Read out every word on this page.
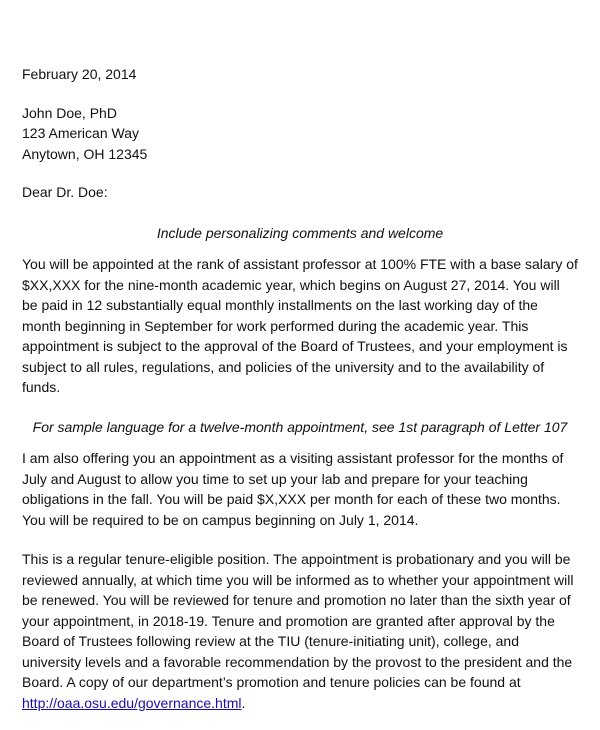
February 20, 2014

John Doe, PhD
123 American Way
Anytown, OH 12345

Dear Dr. Doe:

Include personalizing comments and welcome

You will be appointed at the rank of assistant professor at 100% FTE with a base salary of $XX,XXX for the nine-month academic year, which begins on August 27, 2014. You will be paid in 12 substantially equal monthly installments on the last working day of the month beginning in September for work performed during the academic year. This appointment is subject to the approval of the Board of Trustees, and your employment is subject to all rules, regulations, and policies of the university and to the availability of funds.

For sample language for a twelve-month appointment, see 1st paragraph of Letter 107

I am also offering you an appointment as a visiting assistant professor for the months of July and August to allow you time to set up your lab and prepare for your teaching obligations in the fall. You will be paid $X,XXX per month for each of these two months. You will be required to be on campus beginning on July 1, 2014.

This is a regular tenure-eligible position. The appointment is probationary and you will be reviewed annually, at which time you will be informed as to whether your appointment will be renewed. You will be reviewed for tenure and promotion no later than the sixth year of your appointment, in 2018-19. Tenure and promotion are granted after approval by the Board of Trustees following review at the TIU (tenure-initiating unit), college, and university levels and a favorable recommendation by the provost to the president and the Board. A copy of our department’s promotion and tenure policies can be found at
http://oaa.osu.edu/governance.html.
